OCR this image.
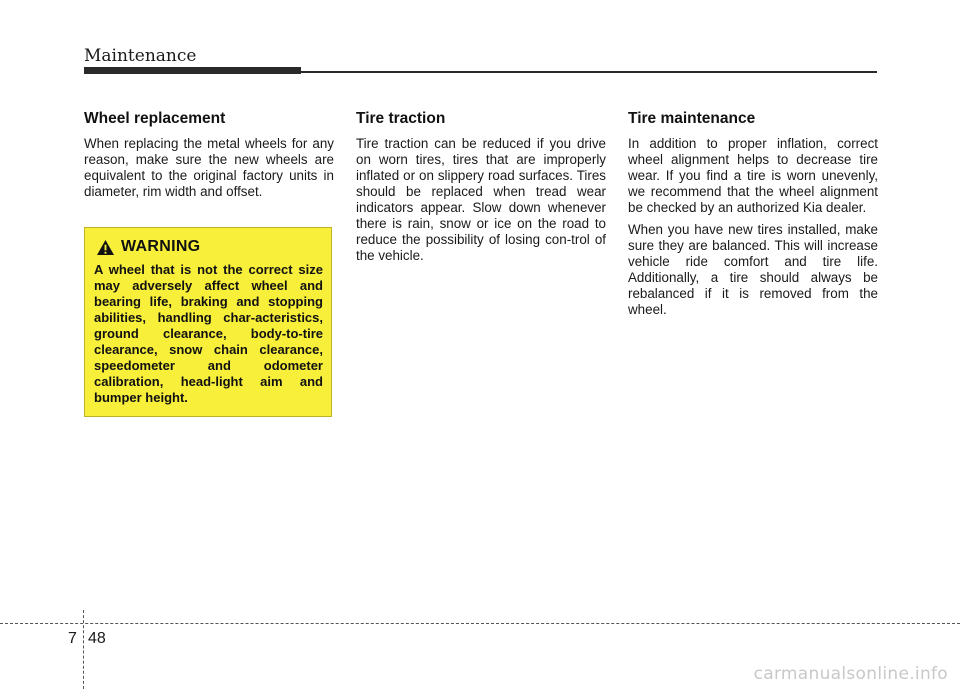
Maintenance
Wheel replacement

When replacing the metal wheels for any reason, make sure the new wheels are equivalent to the original factory units in diameter, rim width and offset.

WARNING

A wheel that is not the correct size may adversely affect wheel and bearing life, braking and stopping abilities, handling char-acteristics, ground clearance, body-to-tire clearance, snow chain clearance, speedometer and odometer calibration, head-light aim and bumper height.

Tire traction

Tire traction can be reduced if you drive on worn tires, tires that are improperly inflated or on slippery road surfaces. Tires should be replaced when tread wear indicators appear. Slow down whenever there is rain, snow or ice on the road to reduce the possibility of losing con-trol of the vehicle.

Tire maintenance

In addition to proper inflation, correct wheel alignment helps to decrease tire wear. If you find a tire is worn unevenly, we recommend that the wheel alignment be checked by an authorized Kia dealer.

When you have new tires installed, make sure they are balanced. This will increase vehicle ride comfort and tire life. Additionally, a tire should always be rebalanced if it is removed from the wheel.

7 48
carmanualsonline.info
